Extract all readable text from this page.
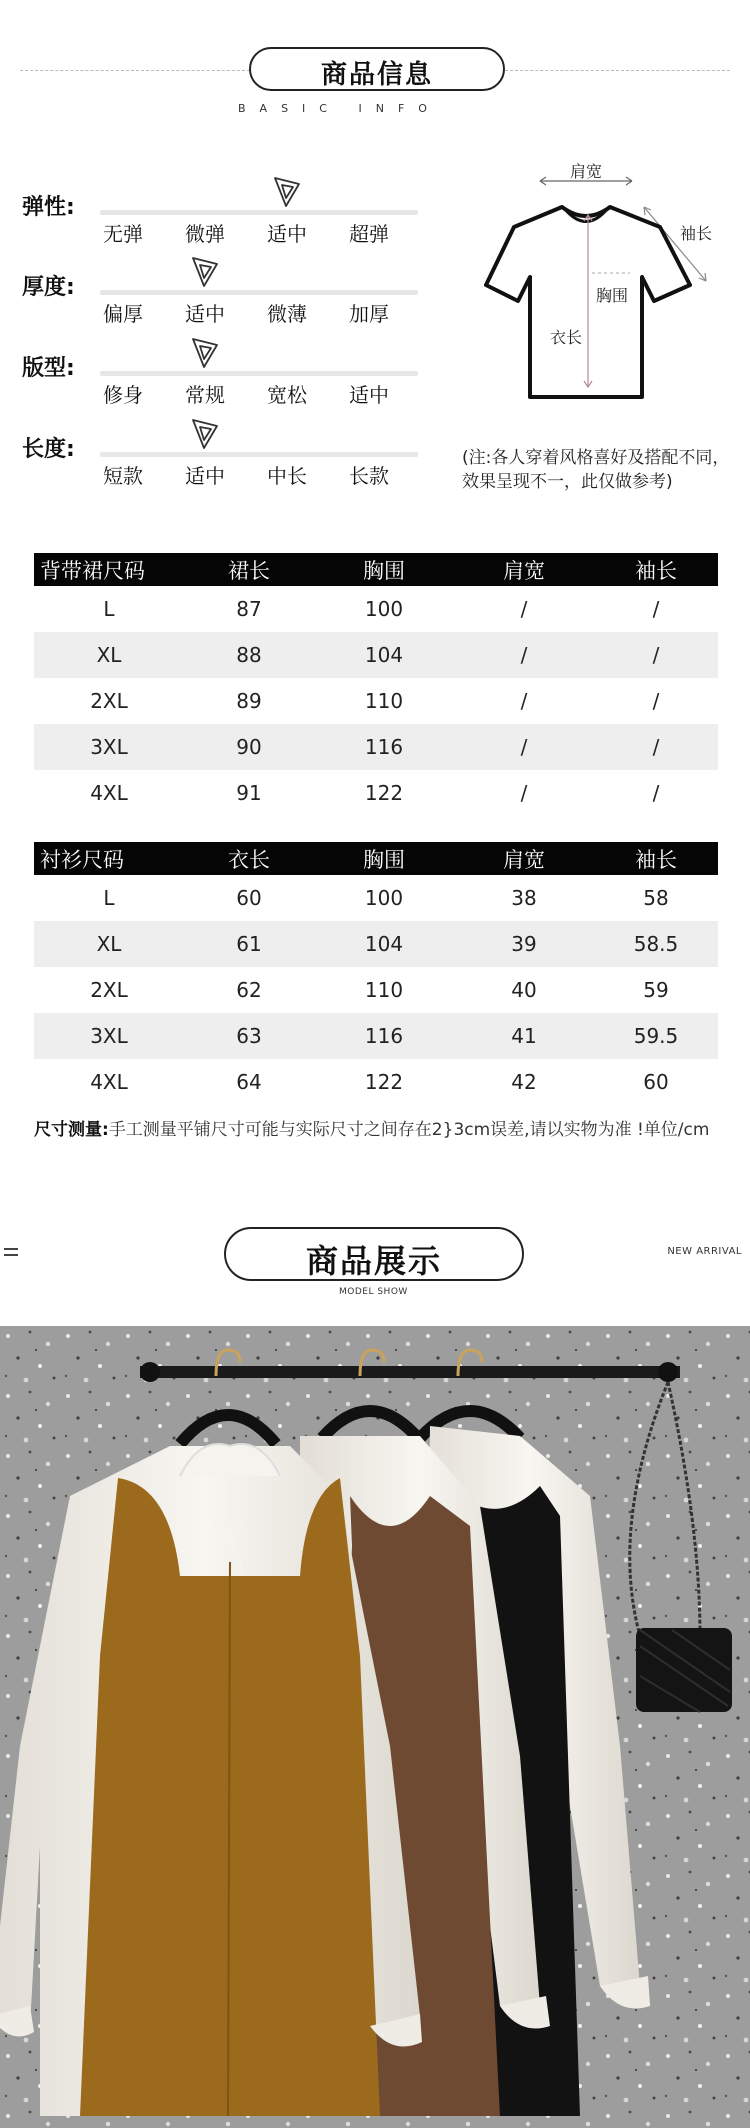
商品信息
BASIC INFO
弹性:
无弹	微弹	适中	超弹
厚度:
偏厚	适中	微薄	加厚
版型:
修身	常规	宽松	适中
长度:
短款	适中	中长	长款
肩宽
袖长
胸围
衣长
(注:各人穿着风格喜好及搭配不同，效果呈现不一，此仅做参考)
背带裙尺码	裙长	胸围	肩宽	袖长
L	87	100	/	/
XL	88	104	/	/
2XL	89	110	/	/
3XL	90	116	/	/
4XL	91	122	/	/
衬衫尺码	衣长	胸围	肩宽	袖长
L	60	100	38	58
XL	61	104	39	58.5
2XL	62	110	40	59
3XL	63	116	41	59.5
4XL	64	122	42	60
尺寸测量:手工测量平铺尺寸可能与实际尺寸之间存在2}3cm误差,请以实物为准 !单位/cm
商品展示
MODEL SHOW
NEW ARRIVAL
